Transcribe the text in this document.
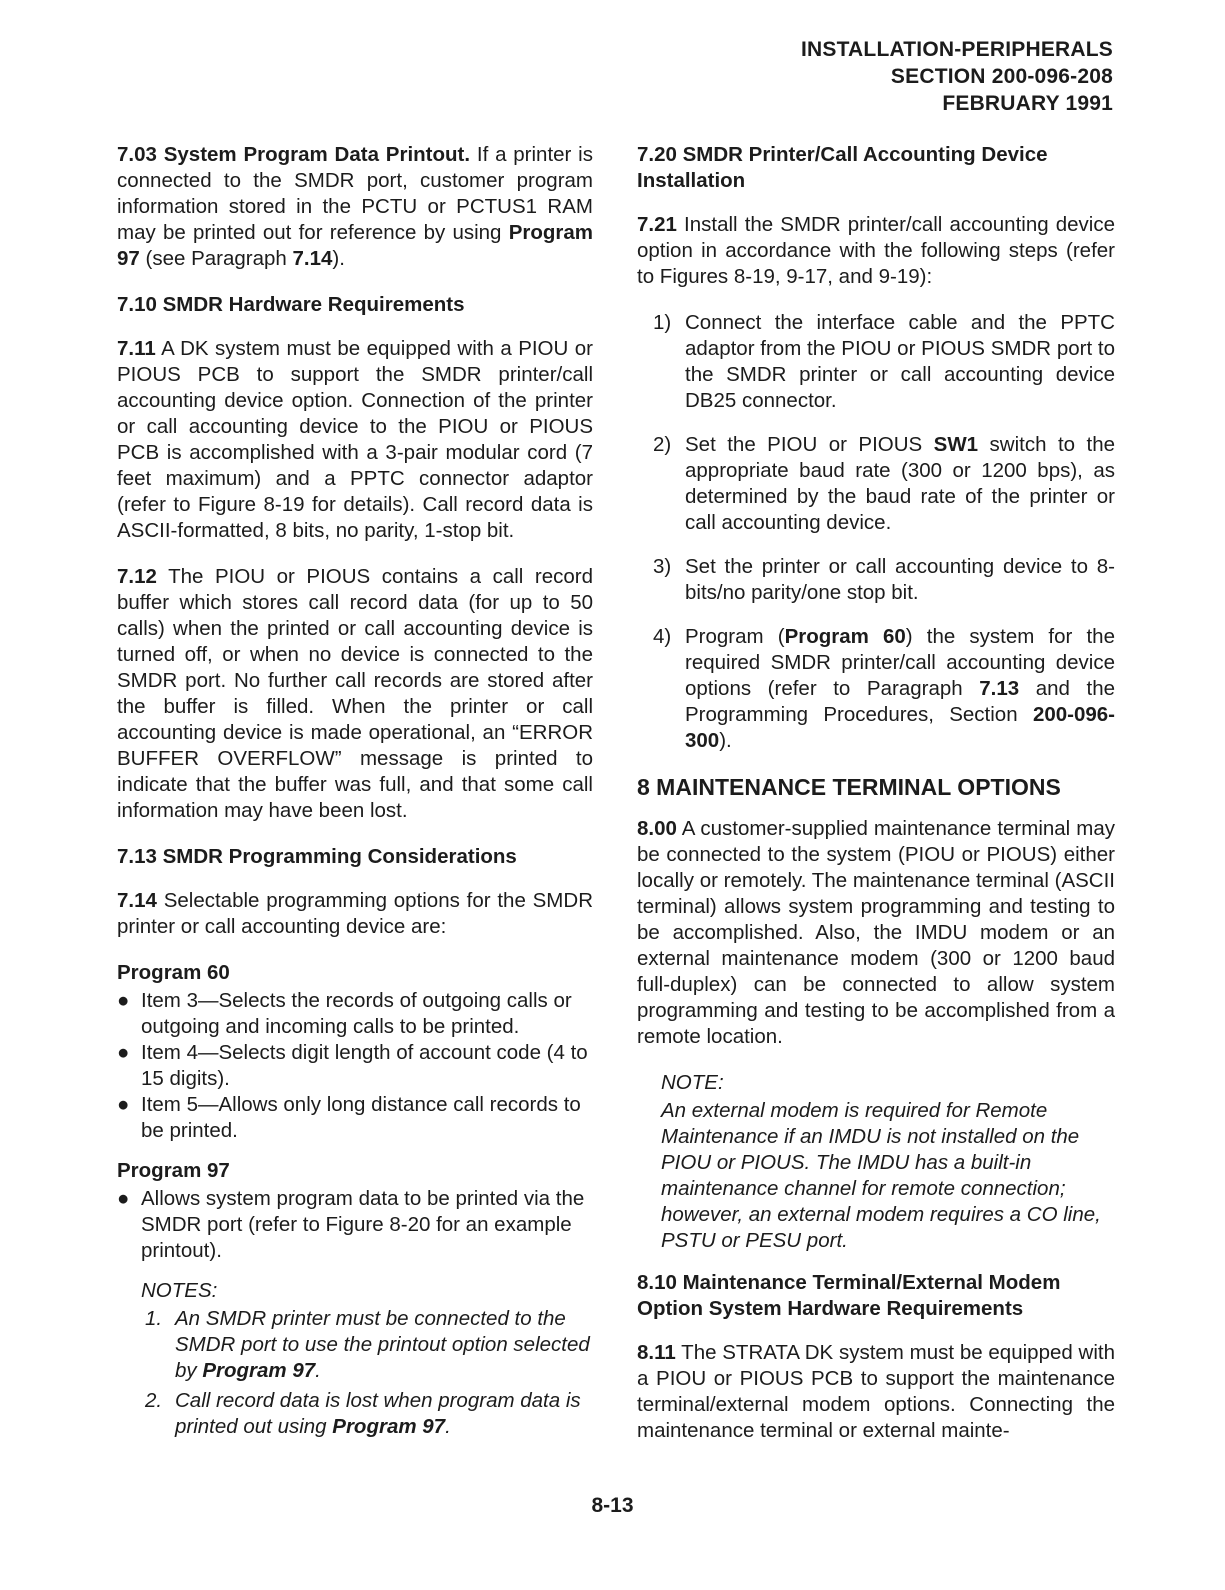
INSTALLATION-PERIPHERALS
SECTION 200-096-208
FEBRUARY 1991

7.03 System Program Data Printout. If a printer is connected to the SMDR port, customer program information stored in the PCTU or PCTUS1 RAM may be printed out for reference by using Program 97 (see Paragraph 7.14).

7.10 SMDR Hardware Requirements

7.11 A DK system must be equipped with a PIOU or PIOUS PCB to support the SMDR printer/call accounting device option. Connection of the printer or call accounting device to the PIOU or PIOUS PCB is accomplished with a 3-pair modular cord (7 feet maximum) and a PPTC connector adaptor (refer to Figure 8-19 for details). Call record data is ASCII-formatted, 8 bits, no parity, 1-stop bit.

7.12 The PIOU or PIOUS contains a call record buffer which stores call record data (for up to 50 calls) when the printed or call accounting device is turned off, or when no device is connected to the SMDR port. No further call records are stored after the buffer is filled. When the printer or call accounting device is made operational, an “ERROR BUFFER OVERFLOW” message is printed to indicate that the buffer was full, and that some call information may have been lost.

7.13 SMDR Programming Considerations

7.14 Selectable programming options for the SMDR printer or call accounting device are:

Program 60
● Item 3—Selects the records of outgoing calls or outgoing and incoming calls to be printed.
● Item 4—Selects digit length of account code (4 to 15 digits).
● Item 5—Allows only long distance call records to be printed.
Program 97
● Allows system program data to be printed via the SMDR port (refer to Figure 8-20 for an example printout).
NOTES:
1. An SMDR printer must be connected to the SMDR port to use the printout option selected by Program 97.
2. Call record data is lost when program data is printed out using Program 97.
7.20 SMDR Printer/Call Accounting Device Installation

7.21 Install the SMDR printer/call accounting device option in accordance with the following steps (refer to Figures 8-19, 9-17, and 9-19):

1) Connect the interface cable and the PPTC adaptor from the PIOU or PIOUS SMDR port to the SMDR printer or call accounting device DB25 connector.
2) Set the PIOU or PIOUS SW1 switch to the appropriate baud rate (300 or 1200 bps), as determined by the baud rate of the printer or call accounting device.
3) Set the printer or call accounting device to 8-bits/no parity/one stop bit.
4) Program (Program 60) the system for the required SMDR printer/call accounting device options (refer to Paragraph 7.13 and the Programming Procedures, Section 200-096-300).
8 MAINTENANCE TERMINAL OPTIONS

8.00 A customer-supplied maintenance terminal may be connected to the system (PIOU or PIOUS) either locally or remotely. The maintenance terminal (ASCII terminal) allows system programming and testing to be accomplished. Also, the IMDU modem or an external maintenance modem (300 or 1200 baud full-duplex) can be connected to allow system programming and testing to be accomplished from a remote location.

NOTE:
An external modem is required for Remote Maintenance if an IMDU is not installed on the PIOU or PIOUS. The IMDU has a built-in maintenance channel for remote connection; however, an external modem requires a CO line, PSTU or PESU port.
8.10 Maintenance Terminal/External Modem Option System Hardware Requirements

8.11 The STRATA DK system must be equipped with a PIOU or PIOUS PCB to support the maintenance terminal/external modem options. Connecting the maintenance terminal or external mainte-

8-13
